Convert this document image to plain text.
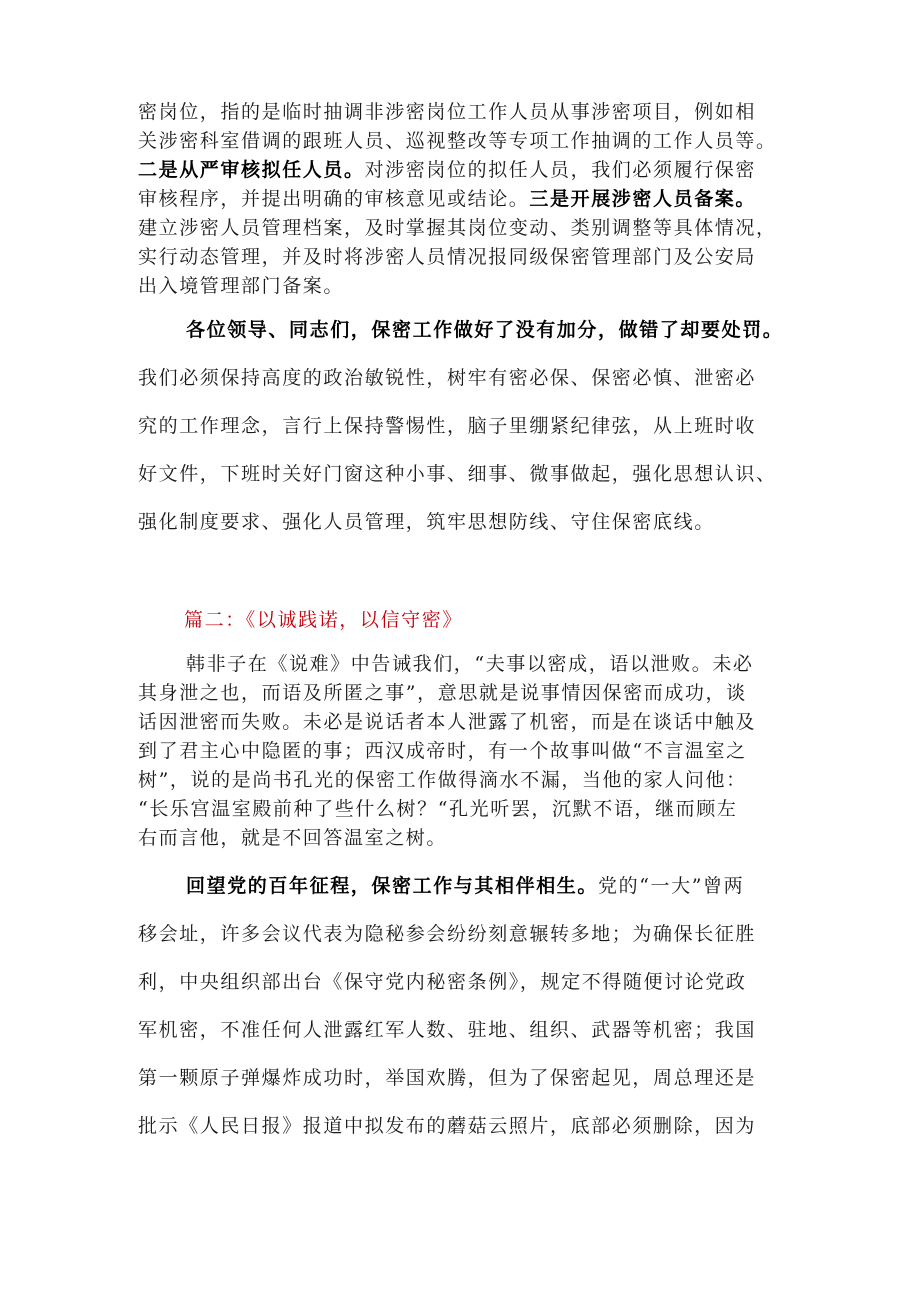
密岗位，指的是临时抽调非涉密岗位工作人员从事涉密项目，例如相
关涉密科室借调的跟班人员、巡视整改等专项工作抽调的工作人员等。
二是从严审核拟任人员。对涉密岗位的拟任人员，我们必须履行保密
审核程序，并提出明确的审核意见或结论。三是开展涉密人员备案。
建立涉密人员管理档案，及时掌握其岗位变动、类别调整等具体情况，
实行动态管理，并及时将涉密人员情况报同级保密管理部门及公安局
出入境管理部门备案。
各位领导、同志们，保密工作做好了没有加分，做错了却要处罚。
我们必须保持高度的政治敏锐性，树牢有密必保、保密必慎、泄密必
究的工作理念，言行上保持警惕性，脑子里绷紧纪律弦，从上班时收
好文件，下班时关好门窗这种小事、细事、微事做起，强化思想认识、
强化制度要求、强化人员管理，筑牢思想防线、守住保密底线。
篇二：《以诚践诺，以信守密》
韩非子在《说难》中告诫我们，“夫事以密成，语以泄败。未必
其身泄之也，而语及所匿之事”，意思就是说事情因保密而成功，谈
话因泄密而失败。未必是说话者本人泄露了机密，而是在谈话中触及
到了君主心中隐匿的事；西汉成帝时，有一个故事叫做“不言温室之
树”，说的是尚书孔光的保密工作做得滴水不漏，当他的家人问他：
“长乐宫温室殿前种了些什么树？“孔光听罢，沉默不语，继而顾左
右而言他，就是不回答温室之树。
回望党的百年征程，保密工作与其相伴相生。党的“一大”曾两
移会址，许多会议代表为隐秘参会纷纷刻意辗转多地；为确保长征胜
利，中央组织部出台《保守党内秘密条例》，规定不得随便讨论党政
军机密，不准任何人泄露红军人数、驻地、组织、武器等机密；我国
第一颗原子弹爆炸成功时，举国欢腾，但为了保密起见，周总理还是
批示《人民日报》报道中拟发布的蘑菇云照片，底部必须删除，因为
